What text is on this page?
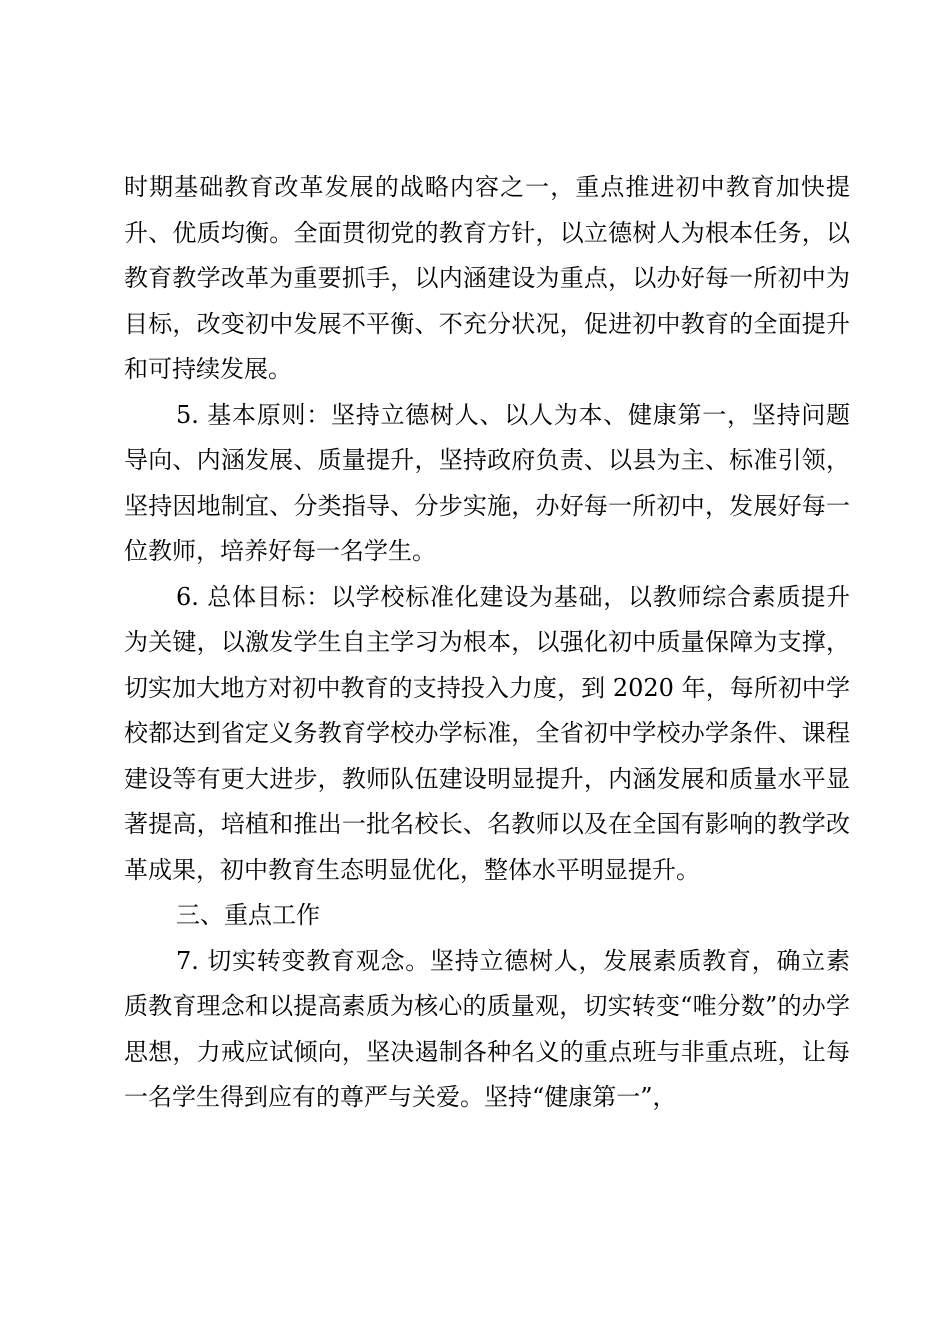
时期基础教育改革发展的战略内容之一，重点推进初中教育加快提升、优质均衡。全面贯彻党的教育方针，以立德树人为根本任务，以教育教学改革为重要抓手，以内涵建设为重点，以办好每一所初中为目标，改变初中发展不平衡、不充分状况，促进初中教育的全面提升和可持续发展。

5. 基本原则：坚持立德树人、以人为本、健康第一，坚持问题导向、内涵发展、质量提升，坚持政府负责、以县为主、标准引领，坚持因地制宜、分类指导、分步实施，办好每一所初中，发展好每一位教师，培养好每一名学生。

6. 总体目标：以学校标准化建设为基础，以教师综合素质提升为关键，以激发学生自主学习为根本，以强化初中质量保障为支撑，切实加大地方对初中教育的支持投入力度，到 2020 年，每所初中学校都达到省定义务教育学校办学标准，全省初中学校办学条件、课程建设等有更大进步，教师队伍建设明显提升，内涵发展和质量水平显著提高，培植和推出一批名校长、名教师以及在全国有影响的教学改革成果，初中教育生态明显优化，整体水平明显提升。

三、重点工作

7. 切实转变教育观念。坚持立德树人，发展素质教育，确立素质教育理念和以提高素质为核心的质量观，切实转变“唯分数”的办学思想，力戒应试倾向，坚决遏制各种名义的重点班与非重点班，让每一名学生得到应有的尊严与关爱。坚持“健康第一”，
